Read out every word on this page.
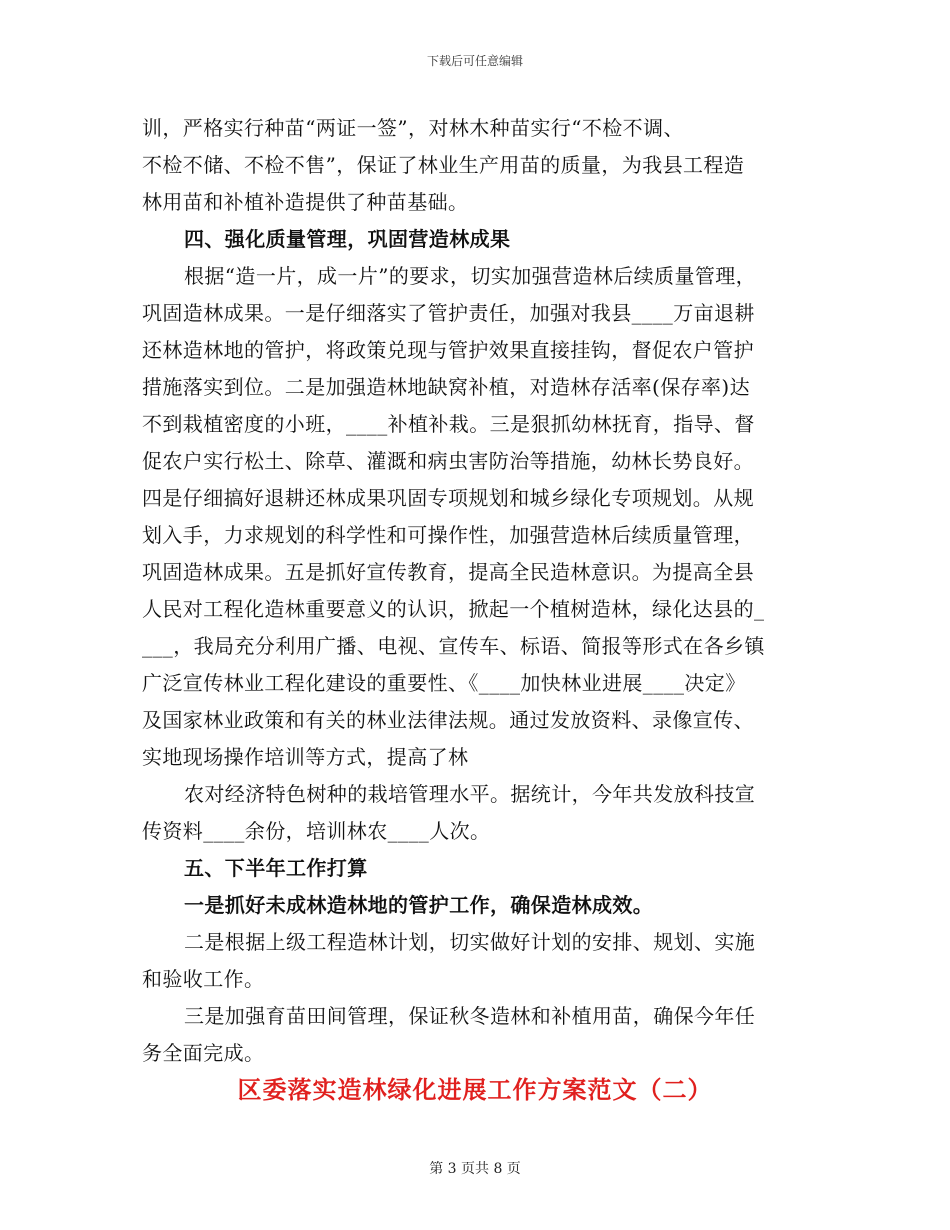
下载后可任意编辑
训，严格实行种苗“两证一签”，对林木种苗实行“不检不调、
不检不储、不检不售”，保证了林业生产用苗的质量，为我县工程造
林用苗和补植补造提供了种苗基础。
四、强化质量管理，巩固营造林成果
根据“造一片，成一片”的要求，切实加强营造林后续质量管理，
巩固造林成果。一是仔细落实了管护责任，加强对我县____万亩退耕
还林造林地的管护，将政策兑现与管护效果直接挂钩，督促农户管护
措施落实到位。二是加强造林地缺窝补植，对造林存活率(保存率)达
不到栽植密度的小班，____补植补栽。三是狠抓幼林抚育，指导、督
促农户实行松土、除草、灌溉和病虫害防治等措施，幼林长势良好。
四是仔细搞好退耕还林成果巩固专项规划和城乡绿化专项规划。从规
划入手，力求规划的科学性和可操作性，加强营造林后续质量管理，
巩固造林成果。五是抓好宣传教育，提高全民造林意识。为提高全县
人民对工程化造林重要意义的认识，掀起一个植树造林，绿化达县的_
___，我局充分利用广播、电视、宣传车、标语、简报等形式在各乡镇
广泛宣传林业工程化建设的重要性、《____加快林业进展____决定》
及国家林业政策和有关的林业法律法规。通过发放资料、录像宣传、
实地现场操作培训等方式，提高了林
农对经济特色树种的栽培管理水平。据统计，今年共发放科技宣
传资料____余份，培训林农____人次。
五、下半年工作打算
一是抓好未成林造林地的管护工作，确保造林成效。
二是根据上级工程造林计划，切实做好计划的安排、规划、实施
和验收工作。
三是加强育苗田间管理，保证秋冬造林和补植用苗，确保今年任
务全面完成。
区委落实造林绿化进展工作方案范文（二）
第 3 页共 8 页
